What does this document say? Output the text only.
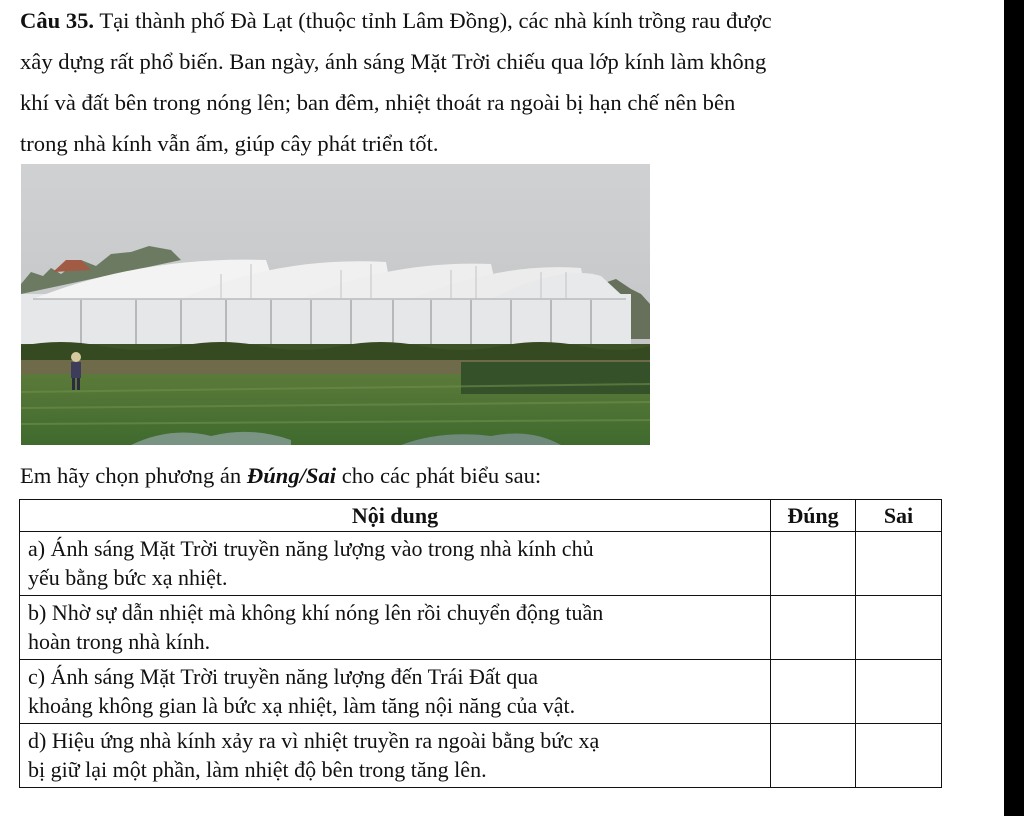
Câu 35. Tại thành phố Đà Lạt (thuộc tỉnh Lâm Đồng), các nhà kính trồng rau được
xây dựng rất phổ biến. Ban ngày, ánh sáng Mặt Trời chiếu qua lớp kính làm không
khí và đất bên trong nóng lên; ban đêm, nhiệt thoát ra ngoài bị hạn chế nên bên
trong nhà kính vẫn ấm, giúp cây phát triển tốt.
Em hãy chọn phương án Đúng/Sai cho các phát biểu sau:
Nội dung	Đúng	Sai

a) Ánh sáng Mặt Trời truyền năng lượng vào trong nhà kính chủ
yếu bằng bức xạ nhiệt.		

b) Nhờ sự dẫn nhiệt mà không khí nóng lên rồi chuyển động tuần
hoàn trong nhà kính.		

c) Ánh sáng Mặt Trời truyền năng lượng đến Trái Đất qua
khoảng không gian là bức xạ nhiệt, làm tăng nội năng của vật.		

d) Hiệu ứng nhà kính xảy ra vì nhiệt truyền ra ngoài bằng bức xạ
bị giữ lại một phần, làm nhiệt độ bên trong tăng lên.		
